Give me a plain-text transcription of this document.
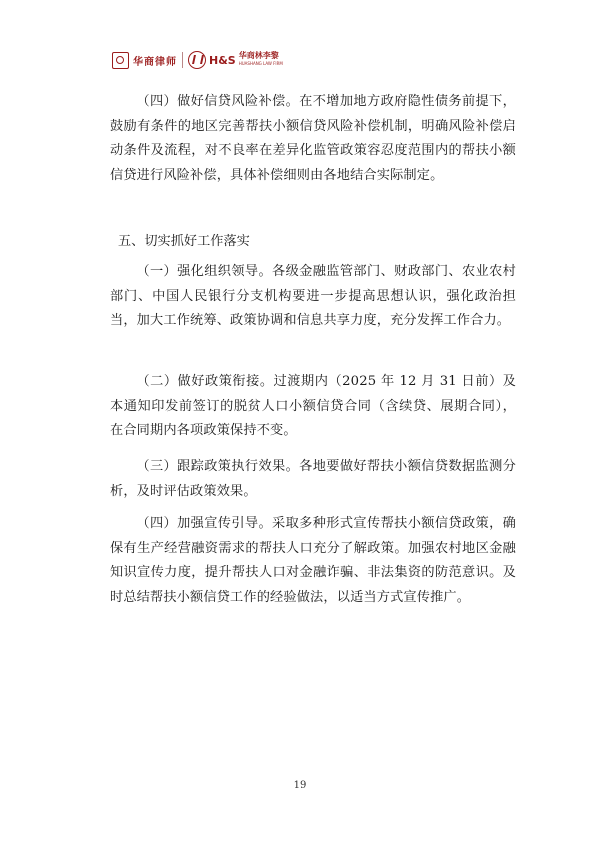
华商律师	H&S 华商林李黎
HUASHANG LAW FIRM

（四）做好信贷风险补偿。在不增加地方政府隐性债务前提下，鼓励有条件的地区完善帮扶小额信贷风险补偿机制，明确风险补偿启动条件及流程，对不良率在差异化监管政策容忍度范围内的帮扶小额信贷进行风险补偿，具体补偿细则由各地结合实际制定。

五、切实抓好工作落实

（一）强化组织领导。各级金融监管部门、财政部门、农业农村部门、中国人民银行分支机构要进一步提高思想认识，强化政治担当，加大工作统筹、政策协调和信息共享力度，充分发挥工作合力。

（二）做好政策衔接。过渡期内（2025 年 12 月 31 日前）及本通知印发前签订的脱贫人口小额信贷合同（含续贷、展期合同），在合同期内各项政策保持不变。

（三）跟踪政策执行效果。各地要做好帮扶小额信贷数据监测分析，及时评估政策效果。

（四）加强宣传引导。采取多种形式宣传帮扶小额信贷政策，确保有生产经营融资需求的帮扶人口充分了解政策。加强农村地区金融知识宣传力度，提升帮扶人口对金融诈骗、非法集资的防范意识。及时总结帮扶小额信贷工作的经验做法，以适当方式宣传推广。

19
